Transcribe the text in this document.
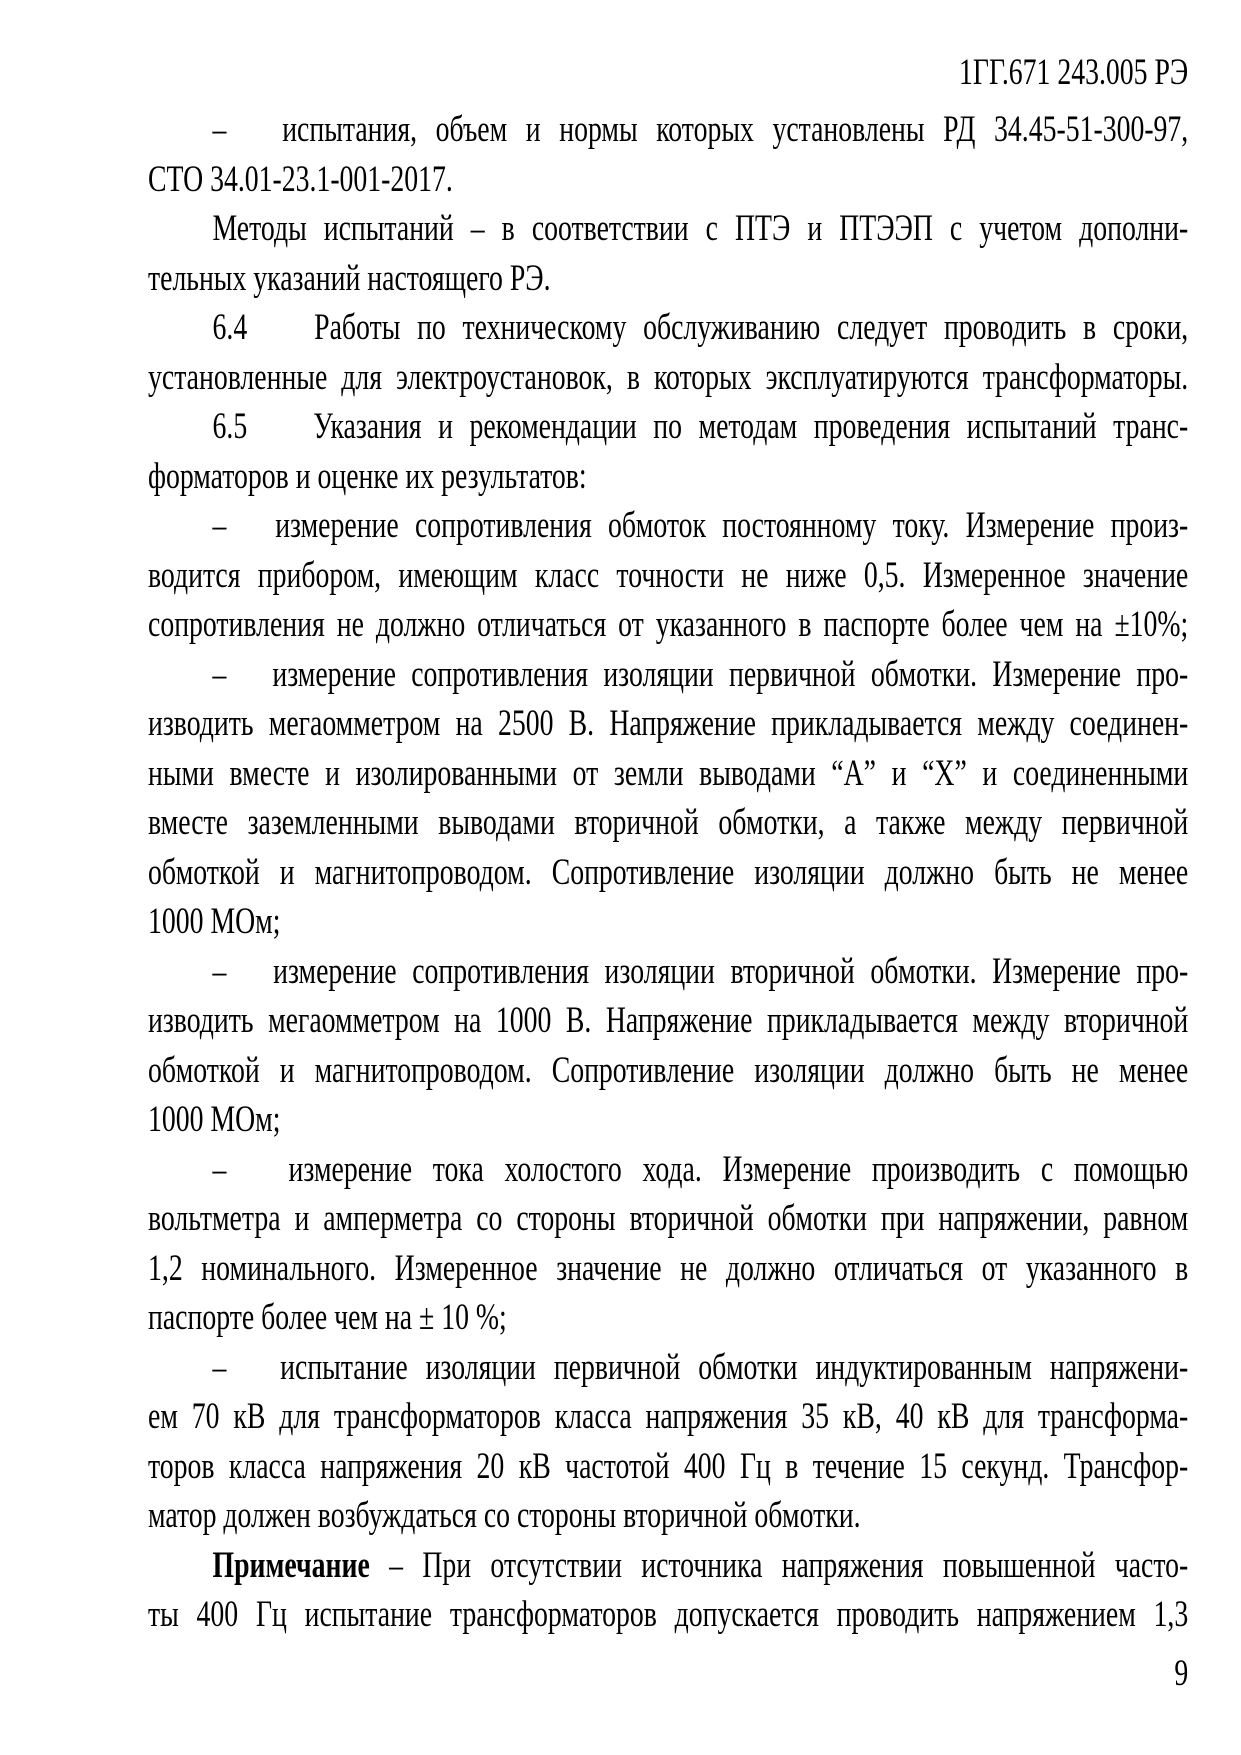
1ГГ.671 243.005 РЭ
–   испытания, объем и нормы которых установлены РД 34.45-51-300-97,
СТО 34.01-23.1-001-2017.
Методы испытаний – в соответствии с ПТЭ и ПТЭЭП с учетом дополни-
тельных указаний настоящего РЭ.
6.4    Работы по техническому обслуживанию следует проводить в сроки,
установленные для электроустановок, в которых эксплуатируются трансформаторы.
6.5    Указания и рекомендации по методам проведения испытаний транс-
форматоров и оценке их результатов:
–   измерение сопротивления обмоток постоянному току. Измерение произ-
водится прибором, имеющим класс точности не ниже 0,5. Измеренное значение
сопротивления не должно отличаться от указанного в паспорте более чем на ±10%;
–   измерение сопротивления изоляции первичной обмотки. Измерение про-
изводить мегаомметром на 2500 В. Напряжение прикладывается между соединен-
ными вместе и изолированными от земли выводами “А” и “Х” и соединенными
вместе заземленными выводами вторичной обмотки, а также между первичной
обмоткой и магнитопроводом. Сопротивление изоляции должно быть не менее
1000 МОм;
–   измерение сопротивления изоляции вторичной обмотки. Измерение про-
изводить мегаомметром на 1000 В. Напряжение прикладывается между вторичной
обмоткой и магнитопроводом. Сопротивление изоляции должно быть не менее
1000 МОм;
–   измерение тока холостого хода. Измерение производить с помощью
вольтметра и амперметра со стороны вторичной обмотки при напряжении, равном
1,2 номинального. Измеренное значение не должно отличаться от указанного в
паспорте более чем на ± 10 %;
–   испытание изоляции первичной обмотки индуктированным напряжени-
ем 70 кВ для трансформаторов класса напряжения 35 кВ, 40 кВ для трансформа-
торов класса напряжения 20 кВ частотой 400 Гц в течение 15 секунд. Трансфор-
матор должен возбуждаться со стороны вторичной обмотки.
Примечание – При отсутствии источника напряжения повышенной часто-
ты 400 Гц испытание трансформаторов допускается проводить напряжением 1,3
9
